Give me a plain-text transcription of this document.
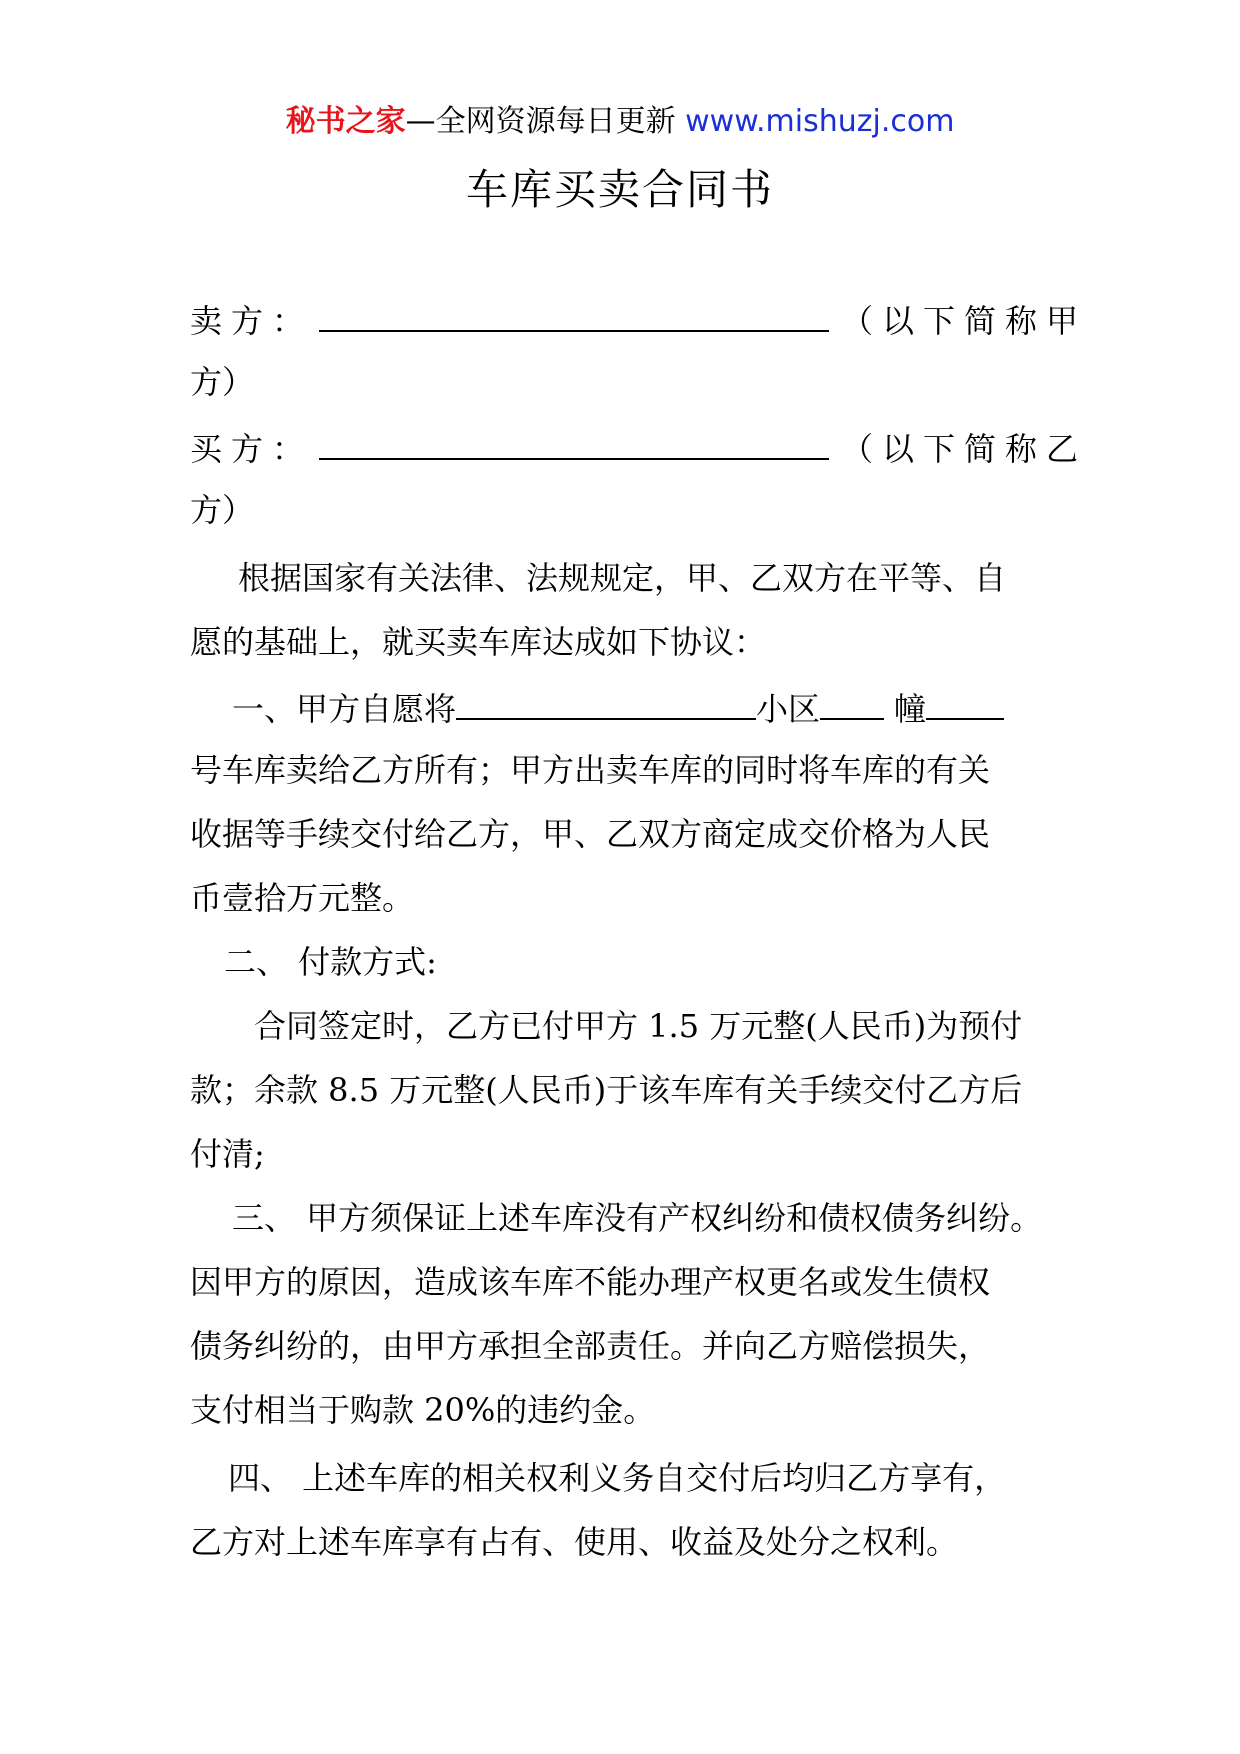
秘书之家—全网资源每日更新 www.mishuzj.com
车库买卖合同书
卖方：	（以下简称甲
方）
买方：	（以下简称乙
方）
根据国家有关法律、法规规定，甲、乙双方在平等、自
愿的基础上，就买卖车库达成如下协议：
一、甲方自愿将	小区 幢
号车库卖给乙方所有；甲方出卖车库的同时将车库的有关
收据等手续交付给乙方，甲、乙双方商定成交价格为人民
币壹拾万元整。
二、 付款方式:
合同签定时，乙方已付甲方 1.5 万元整(人民币)为预付
款；余款 8.5 万元整(人民币)于该车库有关手续交付乙方后
付清;
三、 甲方须保证上述车库没有产权纠纷和债权债务纠纷。
因甲方的原因，造成该车库不能办理产权更名或发生债权
债务纠纷的，由甲方承担全部责任。并向乙方赔偿损失，
支付相当于购款 20%的违约金。
四、 上述车库的相关权利义务自交付后均归乙方享有，
乙方对上述车库享有占有、使用、收益及处分之权利。
